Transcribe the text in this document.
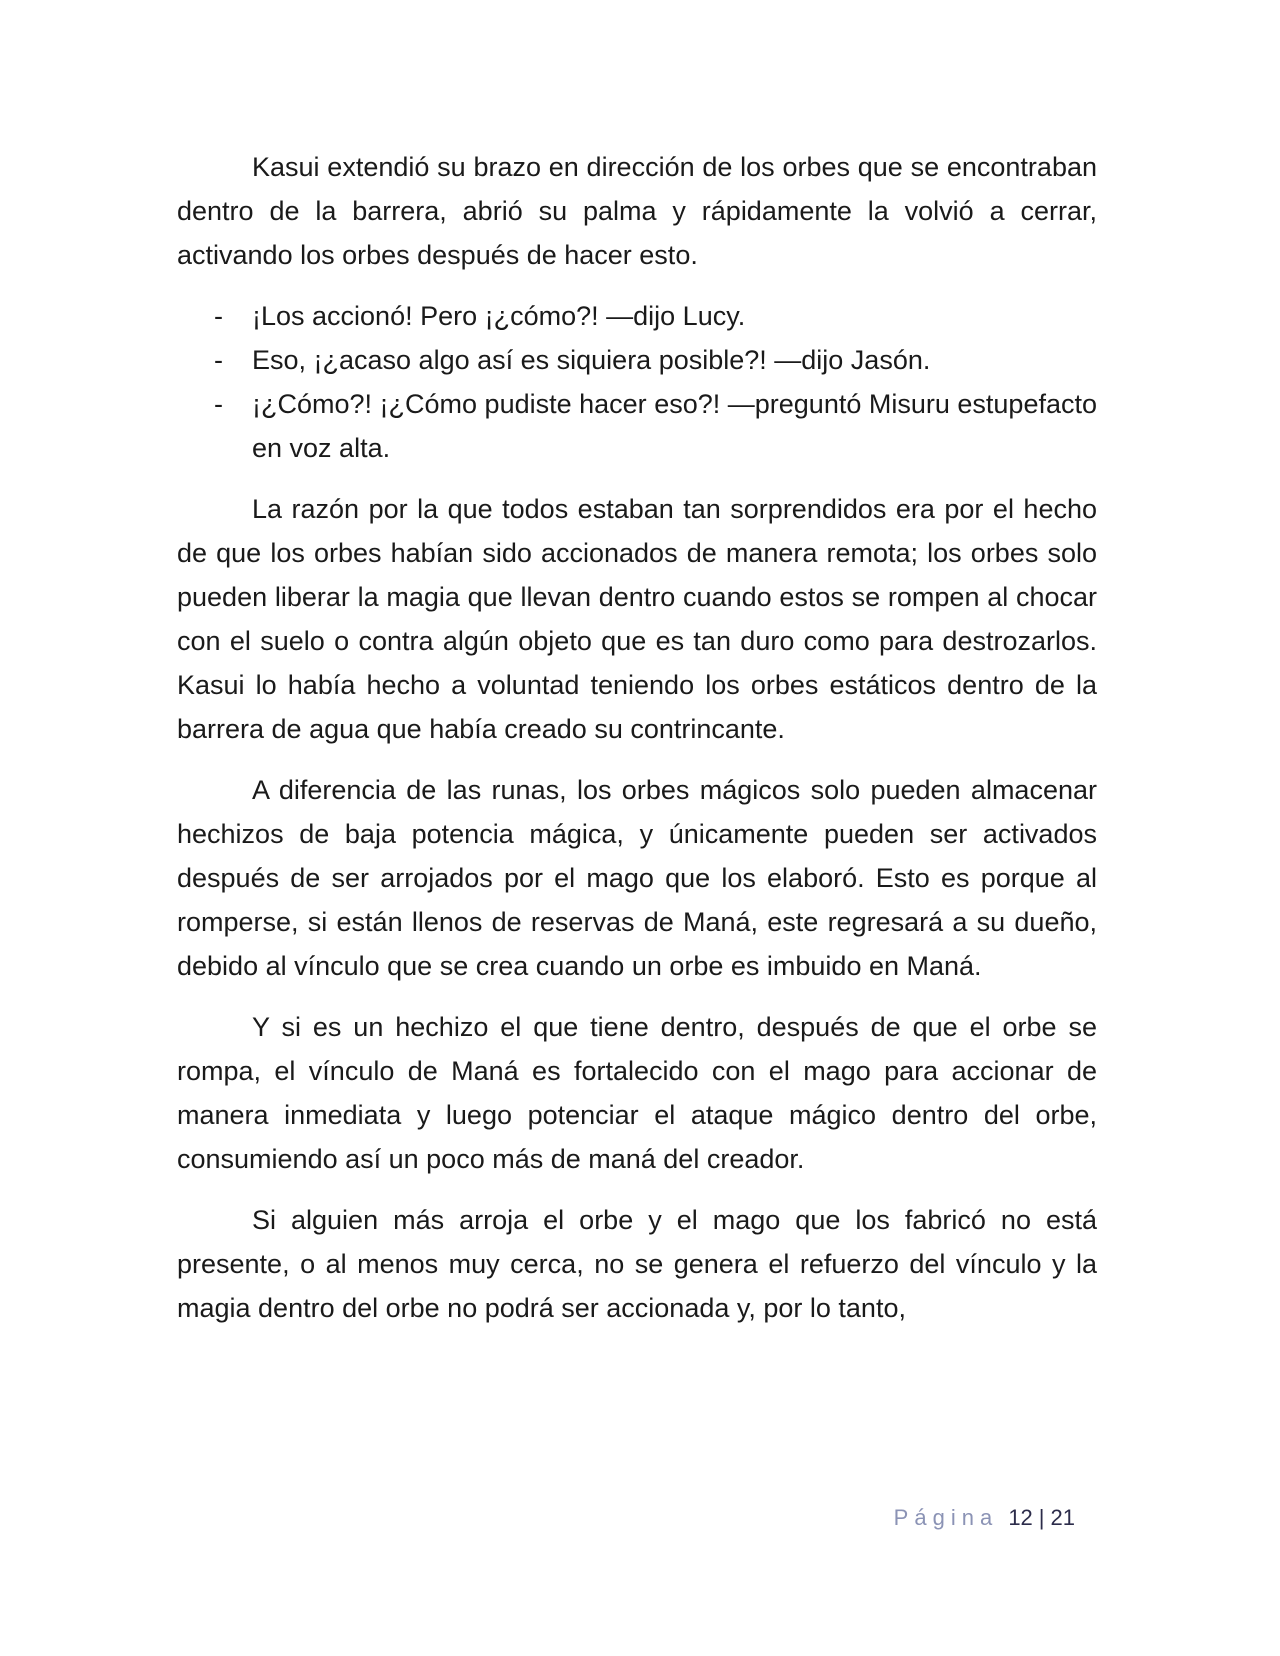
Kasui extendió su brazo en dirección de los orbes que se encontraban dentro de la barrera, abrió su palma y rápidamente la volvió a cerrar, activando los orbes después de hacer esto.

- ¡Los accionó! Pero ¡¿cómo?! —dijo Lucy.
- Eso, ¡¿acaso algo así es siquiera posible?! —dijo Jasón.
- ¡¿Cómo?! ¡¿Cómo pudiste hacer eso?! —preguntó Misuru estupefacto en voz alta.

La razón por la que todos estaban tan sorprendidos era por el hecho de que los orbes habían sido accionados de manera remota; los orbes solo pueden liberar la magia que llevan dentro cuando estos se rompen al chocar con el suelo o contra algún objeto que es tan duro como para destrozarlos. Kasui lo había hecho a voluntad teniendo los orbes estáticos dentro de la barrera de agua que había creado su contrincante.

A diferencia de las runas, los orbes mágicos solo pueden almacenar hechizos de baja potencia mágica, y únicamente pueden ser activados después de ser arrojados por el mago que los elaboró. Esto es porque al romperse, si están llenos de reservas de Maná, este regresará a su dueño, debido al vínculo que se crea cuando un orbe es imbuido en Maná.

Y si es un hechizo el que tiene dentro, después de que el orbe se rompa, el vínculo de Maná es fortalecido con el mago para accionar de manera inmediata y luego potenciar el ataque mágico dentro del orbe, consumiendo así un poco más de maná del creador.

Si alguien más arroja el orbe y el mago que los fabricó no está presente, o al menos muy cerca, no se genera el refuerzo del vínculo y la magia dentro del orbe no podrá ser accionada y, por lo tanto,

Página 12 | 21
